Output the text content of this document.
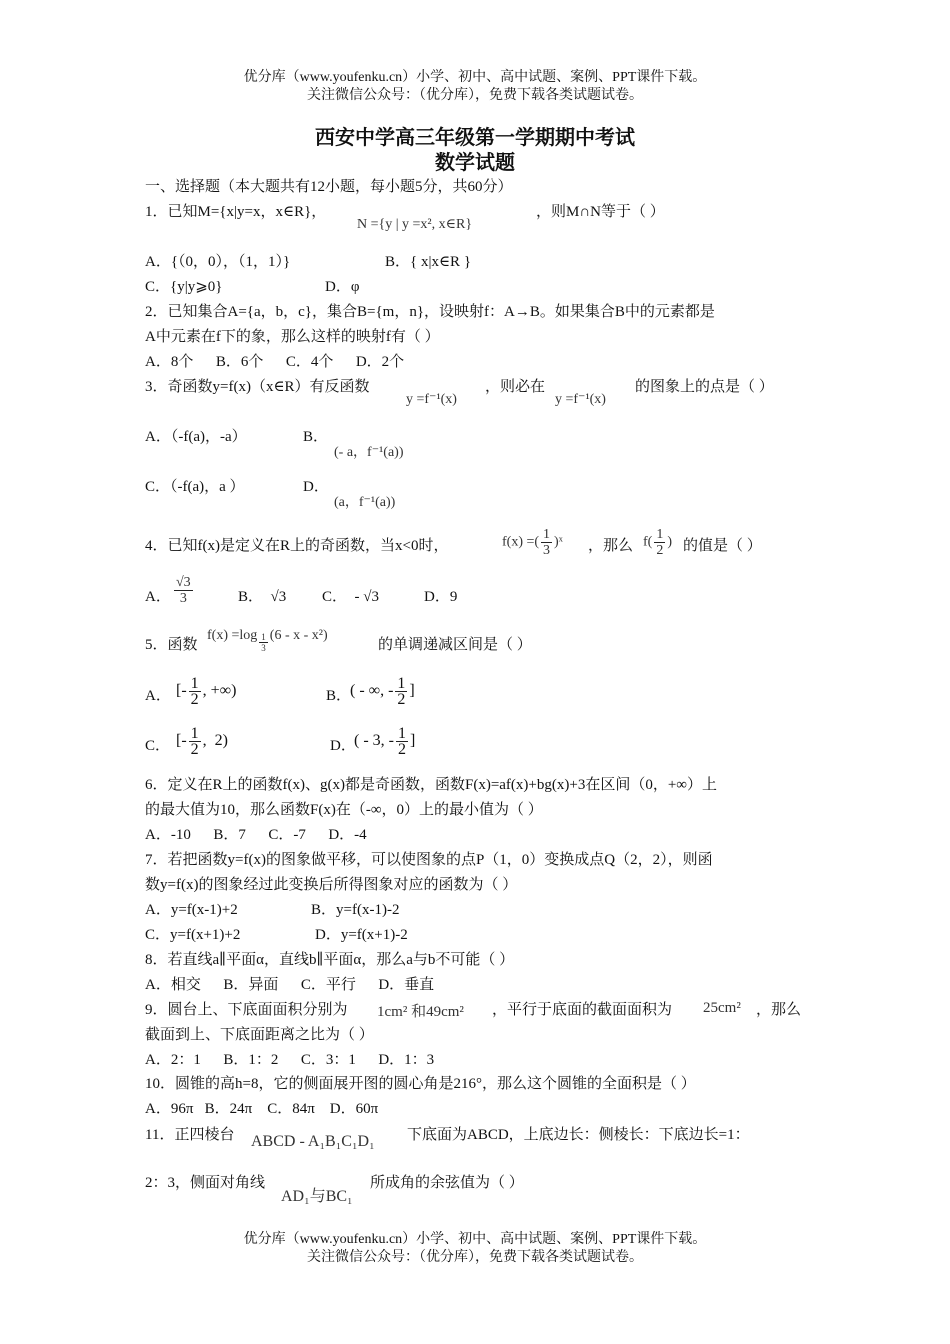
优分库（www.youfenku.cn）小学、初中、高中试题、案例、PPT课件下载。
关注微信公众号：（优分库），免费下载各类试题试卷。
西安中学高三年级第一学期期中考试
数学试题
一、选择题（本大题共有12小题，每小题5分，共60分）
1．已知M={x|y=x，x∈R}，
N ={y | y =x², x∈R}
，则M∩N等于（ ）
A．{（0，0），（1，1）}	B．{ x|x∈R }
C．{y|y⩾0}	D．φ
2．已知集合A={a，b，c}，集合B={m，n}，设映射f：A→B。如果集合B中的元素都是
A中元素在f下的象，那么这样的映射f有（ ）
A．8个      B．6个      C．4个      D．2个
3．奇函数y=f(x)（x∈R）有反函数
y =f⁻¹(x)
，则必在
y =f⁻¹(x)
的图象上的点是（ ）
A．（-f(a)，-a）	B．
(- a，f⁻¹(a))
C．（-f(a)，a ）	D．
(a，f⁻¹(a))
4．已知f(x)是定义在R上的奇函数，当x<0时，	f(x) =( $\frac{1}{3}$ )ˣ ，那么 $f( \frac{1}{2}$ ) 的值是（ ）
A． $\frac{√3}{3}$	B．  √3 C．  - √3	D．9
5．函数
$f(x) =\log \frac{1}{3} (6 - x - x^2)$
的单调递减区间是（ ）
A． [- $\frac{1}{2}$ , +∞)	B．
( - ∞, - $\frac{1}{2}$ ]
C． [- $\frac{1}{2}$ ,  2)	D．
( - 3, - $\frac{1}{2}$ ]
6．定义在R上的函数f(x)、g(x)都是奇函数，函数F(x)=af(x)+bg(x)+3在区间（0，+∞）上
的最大值为10，那么函数F(x)在（-∞，0）上的最小值为（ ）
A．-10      B．7      C．-7      D．-4
7．若把函数y=f(x)的图象做平移，可以使图象的点P（1，0）变换成点Q（2，2），则函
数y=f(x)的图象经过此变换后所得图象对应的函数为（ ）
A．y=f(x-1)+2	B．y=f(x-1)-2
C．y=f(x+1)+2	D．y=f(x+1)-2
8．若直线a∥平面α，直线b∥平面α，那么a与b不可能（ ）
A．相交      B．异面      C．平行      D．垂直
9．圆台上、下底面面积分别为 1cm² 和49cm² ，平行于底面的截面面积为 25cm² ，那么
截面到上、下底面距离之比为（ ）
A．2：1      B．1：2      C．3：1      D．1：3
10．圆锥的高h=8，它的侧面展开图的圆心角是216°，那么这个圆锥的全面积是（ ）
A．96π   B．24π    C．84π    D．60π
11．正四棱台 ABCD - A₁B₁C₁D₁ 下底面为ABCD，上底边长：侧棱长：下底边长=1：
2：3，侧面对角线
AD₁与BC₁
所成角的余弦值为（ ）
优分库（www.youfenku.cn）小学、初中、高中试题、案例、PPT课件下载。
关注微信公众号：（优分库），免费下载各类试题试卷。
